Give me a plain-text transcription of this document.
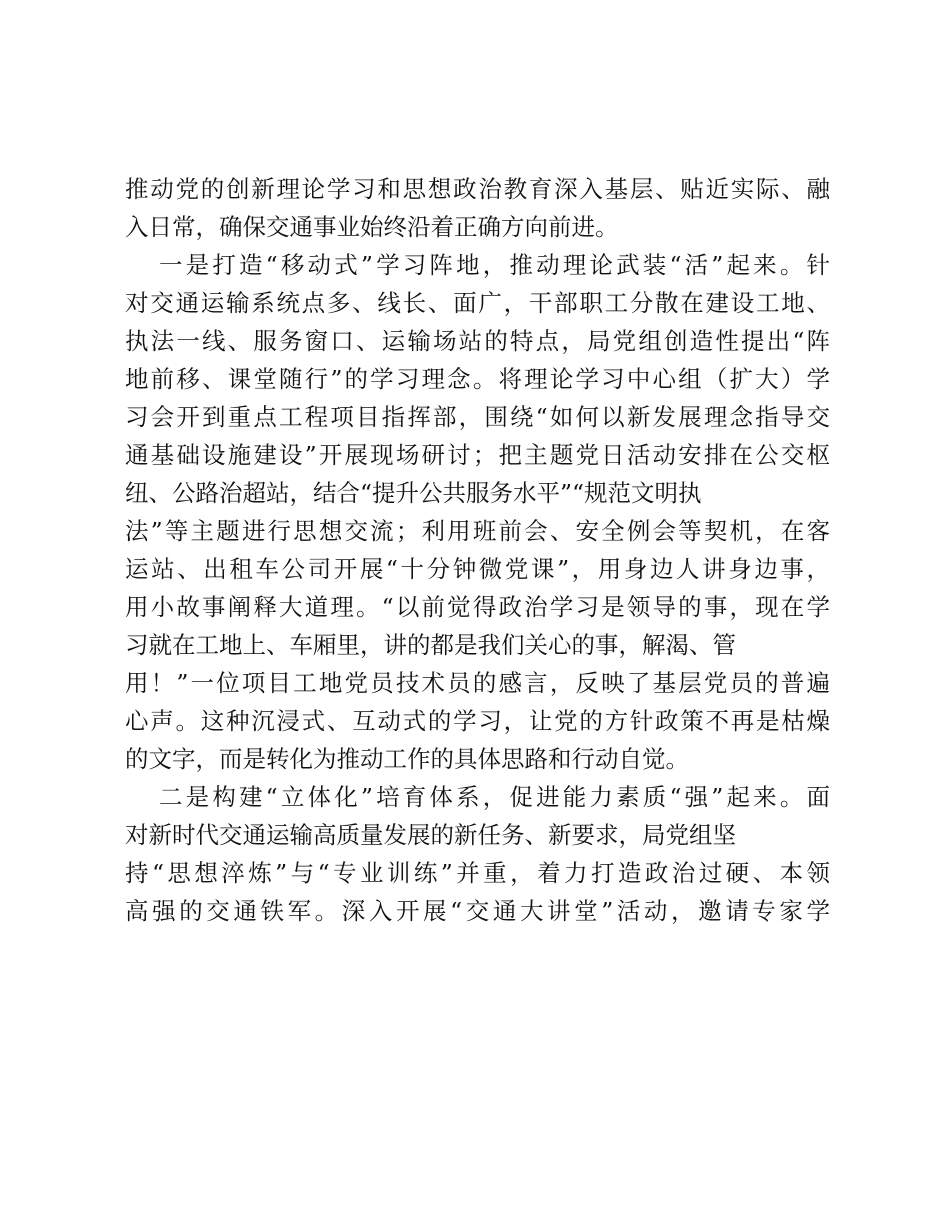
推动党的创新理论学习和思想政治教育深入基层、贴近实际、融
入日常，确保交通事业始终沿着正确方向前进。
一是打造“移动式”学习阵地，推动理论武装“活”起来。针
对交通运输系统点多、线长、面广，干部职工分散在建设工地、
执法一线、服务窗口、运输场站的特点，局党组创造性提出“阵
地前移、课堂随行”的学习理念。将理论学习中心组（扩大）学
习会开到重点工程项目指挥部，围绕“如何以新发展理念指导交
通基础设施建设”开展现场研讨；把主题党日活动安排在公交枢
纽、公路治超站，结合“提升公共服务水平”“规范文明执
法”等主题进行思想交流；利用班前会、安全例会等契机，在客
运站、出租车公司开展“十分钟微党课”，用身边人讲身边事，
用小故事阐释大道理。“以前觉得政治学习是领导的事，现在学
习就在工地上、车厢里，讲的都是我们关心的事，解渴、管
用！”一位项目工地党员技术员的感言，反映了基层党员的普遍
心声。这种沉浸式、互动式的学习，让党的方针政策不再是枯燥
的文字，而是转化为推动工作的具体思路和行动自觉。
二是构建“立体化”培育体系，促进能力素质“强”起来。面
对新时代交通运输高质量发展的新任务、新要求，局党组坚
持“思想淬炼”与“专业训练”并重，着力打造政治过硬、本领
高强的交通铁军。深入开展“交通大讲堂”活动，邀请专家学
